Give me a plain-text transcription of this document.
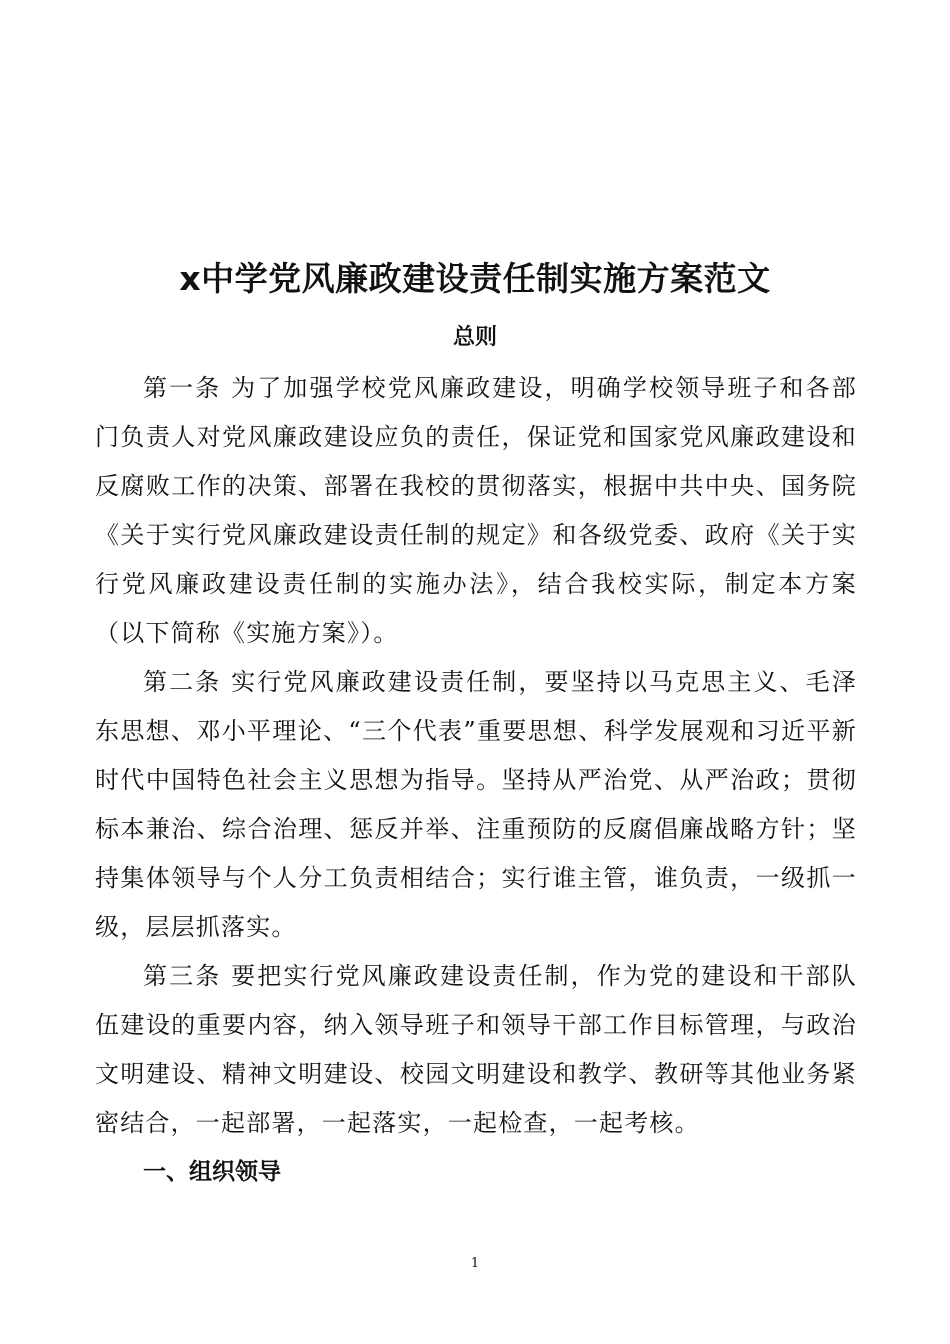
x中学党风廉政建设责任制实施方案范文
总则

第一条 为了加强学校党风廉政建设，明确学校领导班子和各部门负责人对党风廉政建设应负的责任，保证党和国家党风廉政建设和反腐败工作的决策、部署在我校的贯彻落实，根据中共中央、国务院《关于实行党风廉政建设责任制的规定》和各级党委、政府《关于实行党风廉政建设责任制的实施办法》，结合我校实际，制定本方案（以下简称《实施方案》）。

第二条 实行党风廉政建设责任制，要坚持以马克思主义、毛泽东思想、邓小平理论、“三个代表”重要思想、科学发展观和习近平新时代中国特色社会主义思想为指导。坚持从严治党、从严治政；贯彻标本兼治、综合治理、惩反并举、注重预防的反腐倡廉战略方针；坚持集体领导与个人分工负责相结合；实行谁主管，谁负责，一级抓一级，层层抓落实。

第三条 要把实行党风廉政建设责任制，作为党的建设和干部队伍建设的重要内容，纳入领导班子和领导干部工作目标管理，与政治文明建设、精神文明建设、校园文明建设和教学、教研等其他业务紧密结合，一起部署，一起落实，一起检查，一起考核。

一、组织领导

1
